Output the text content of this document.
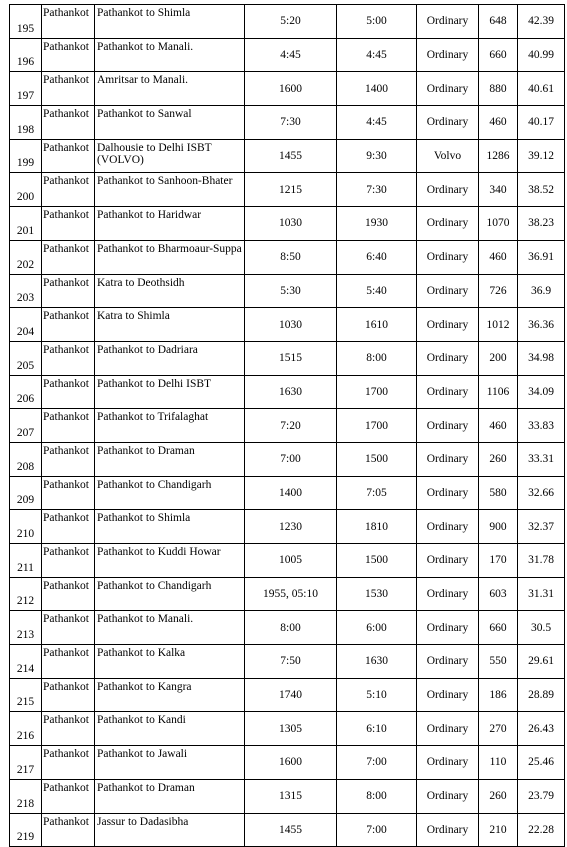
195	Pathankot	Pathankot to Shimla	5:20	5:00	Ordinary	648	42.39
196	Pathankot	Pathankot to Manali.	4:45	4:45	Ordinary	660	40.99
197	Pathankot	Amritsar to Manali.	1600	1400	Ordinary	880	40.61
198	Pathankot	Pathankot to Sanwal	7:30	4:45	Ordinary	460	40.17
199	Pathankot	Dalhousie to Delhi ISBT (VOLVO)	1455	9:30	Volvo	1286	39.12
200	Pathankot	Pathankot to Sanhoon-Bhater	1215	7:30	Ordinary	340	38.52
201	Pathankot	Pathankot to Haridwar	1030	1930	Ordinary	1070	38.23
202	Pathankot	Pathankot to Bharmoaur-Suppa	8:50	6:40	Ordinary	460	36.91
203	Pathankot	Katra to Deothsidh	5:30	5:40	Ordinary	726	36.9
204	Pathankot	Katra to Shimla	1030	1610	Ordinary	1012	36.36
205	Pathankot	Pathankot to Dadriara	1515	8:00	Ordinary	200	34.98
206	Pathankot	Pathankot to Delhi ISBT	1630	1700	Ordinary	1106	34.09
207	Pathankot	Pathankot to Trifalaghat	7:20	1700	Ordinary	460	33.83
208	Pathankot	Pathankot to Draman	7:00	1500	Ordinary	260	33.31
209	Pathankot	Pathankot to Chandigarh	1400	7:05	Ordinary	580	32.66
210	Pathankot	Pathankot to Shimla	1230	1810	Ordinary	900	32.37
211	Pathankot	Pathankot to Kuddi Howar	1005	1500	Ordinary	170	31.78
212	Pathankot	Pathankot to Chandigarh	1955, 05:10	1530	Ordinary	603	31.31
213	Pathankot	Pathankot to Manali.	8:00	6:00	Ordinary	660	30.5
214	Pathankot	Pathankot to Kalka	7:50	1630	Ordinary	550	29.61
215	Pathankot	Pathankot to Kangra	1740	5:10	Ordinary	186	28.89
216	Pathankot	Pathankot to Kandi	1305	6:10	Ordinary	270	26.43
217	Pathankot	Pathankot to Jawali	1600	7:00	Ordinary	110	25.46
218	Pathankot	Pathankot to Draman	1315	8:00	Ordinary	260	23.79
219	Pathankot	Jassur to Dadasibha	1455	7:00	Ordinary	210	22.28
